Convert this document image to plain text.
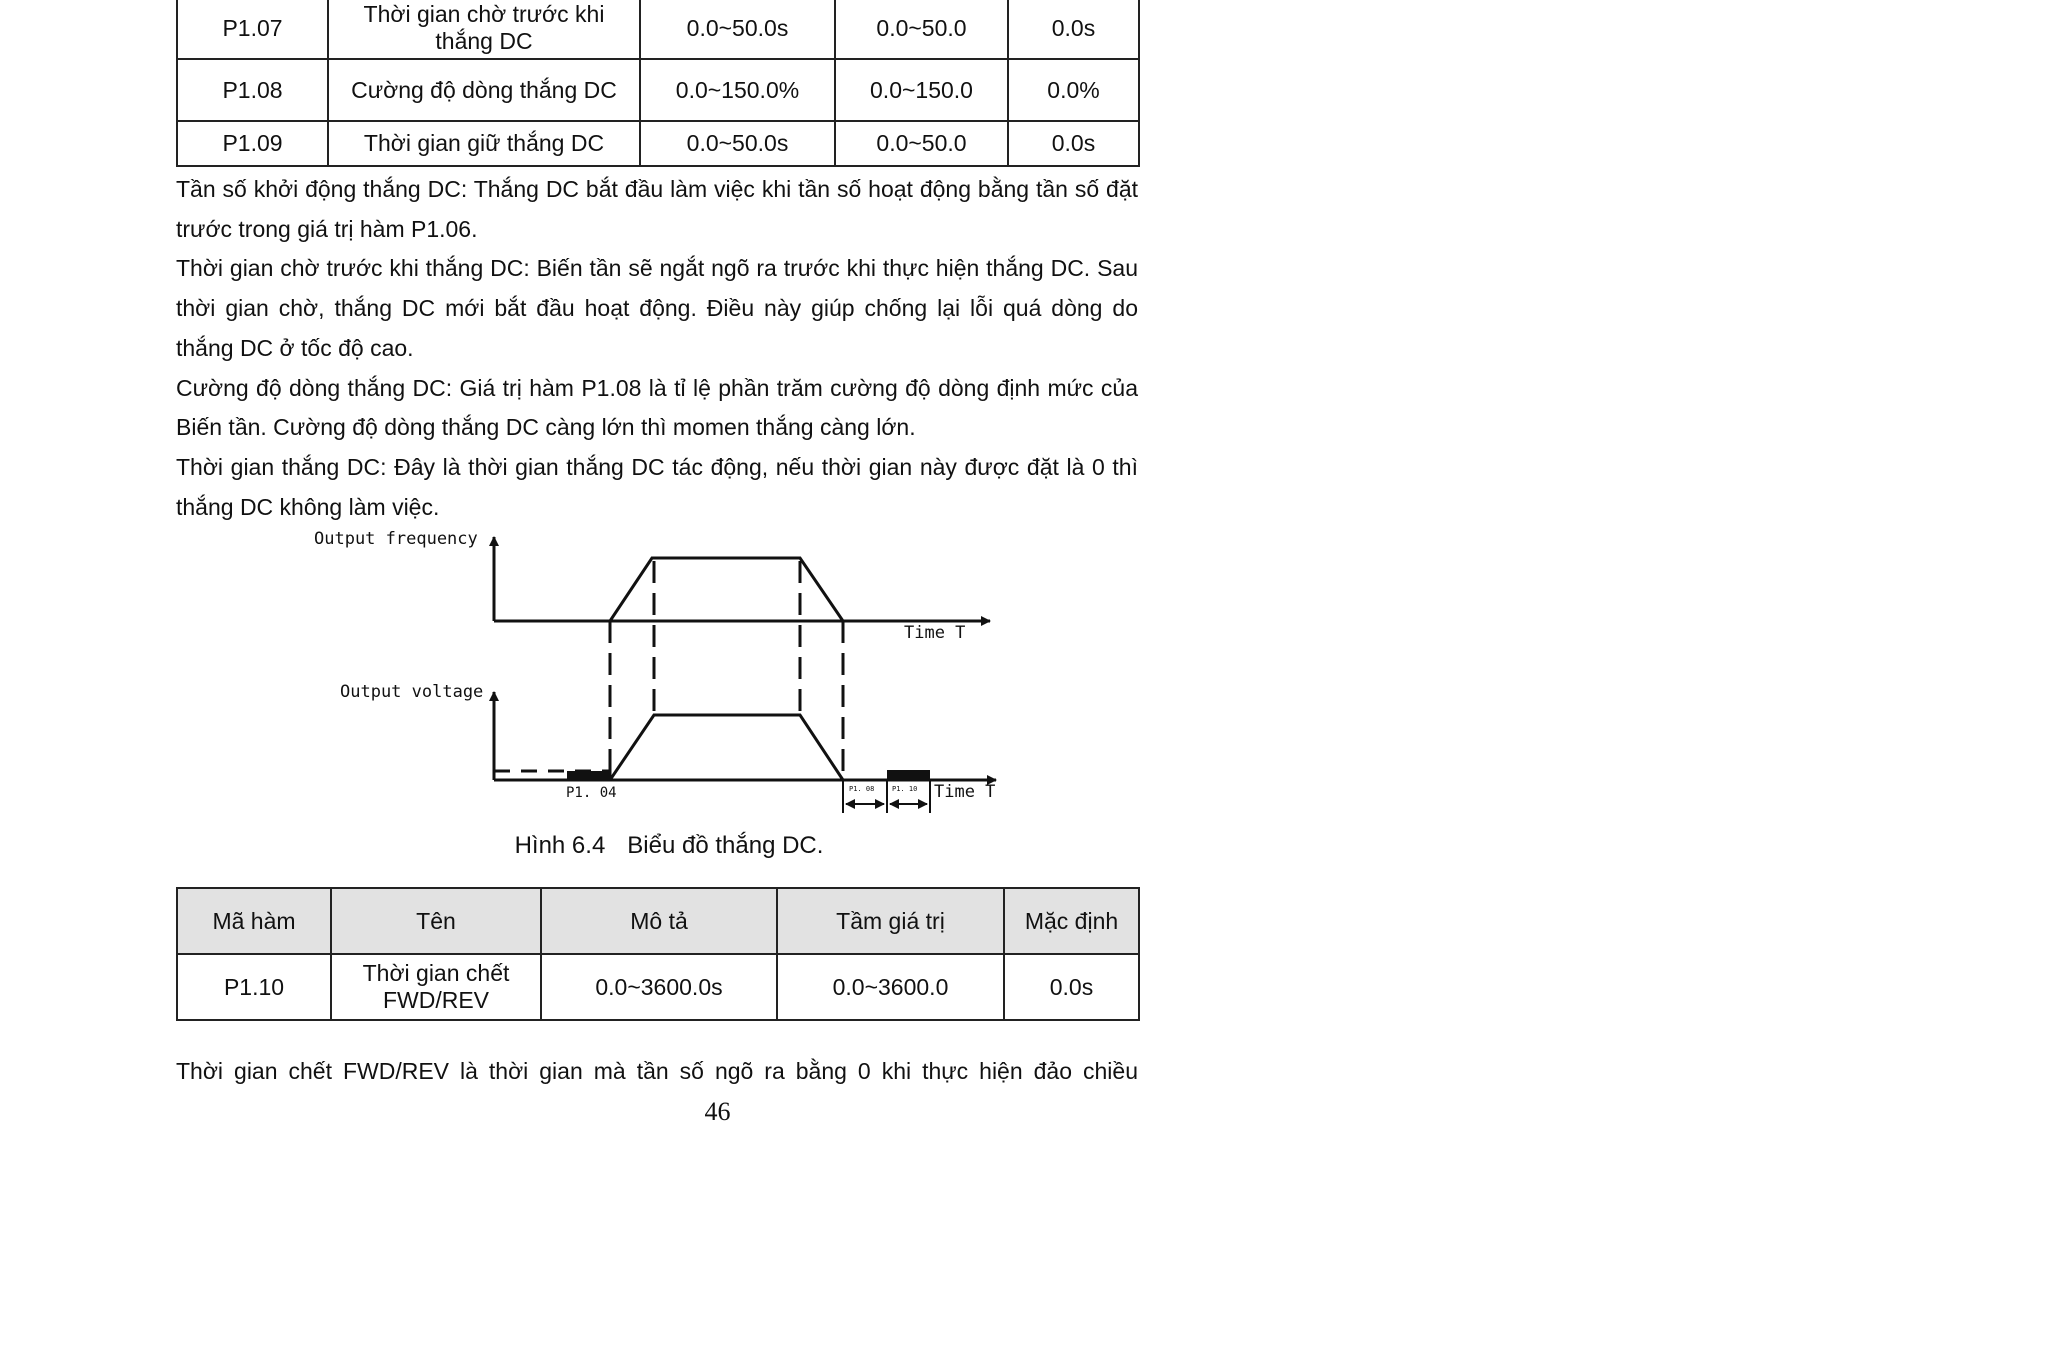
P1.07	Thời gian chờ trước khi thắng DC	0.0~50.0s	0.0~50.0	0.0s
P1.08	Cường độ dòng thắng DC	0.0~150.0%	0.0~150.0	0.0%
P1.09	Thời gian giữ thắng DC	0.0~50.0s	0.0~50.0	0.0s

Tần số khởi động thắng DC: Thắng DC bắt đầu làm việc khi tần số hoạt động bằng tần số đặt trước trong giá trị hàm P1.06.

Thời gian chờ trước khi thắng DC: Biến tần sẽ ngắt ngõ ra trước khi thực hiện thắng DC. Sau thời gian chờ, thắng DC mới bắt đầu hoạt động. Điều này giúp chống lại lỗi quá dòng do thắng DC ở tốc độ cao.

Cường độ dòng thắng DC: Giá trị hàm P1.08 là tỉ lệ phần trăm cường độ dòng định mức của Biến tần. Cường độ dòng thắng DC càng lớn thì momen thắng càng lớn.

Thời gian thắng DC: Đây là thời gian thắng DC tác động, nếu thời gian này được đặt là 0 thì thắng DC không làm việc.

Output frequency
Time T
Output voltage
Time T
P1. 04	P1. 08	P1. 10
Hình 6.4 Biểu đồ thắng DC.
Mã hàm	Tên	Mô tả	Tầm giá trị	Mặc định
P1.10	Thời gian chết FWD/REV	0.0~3600.0s	0.0~3600.0	0.0s
Thời gian chết FWD/REV là thời gian mà tần số ngõ ra bằng 0 khi thực hiện đảo chiều
46
